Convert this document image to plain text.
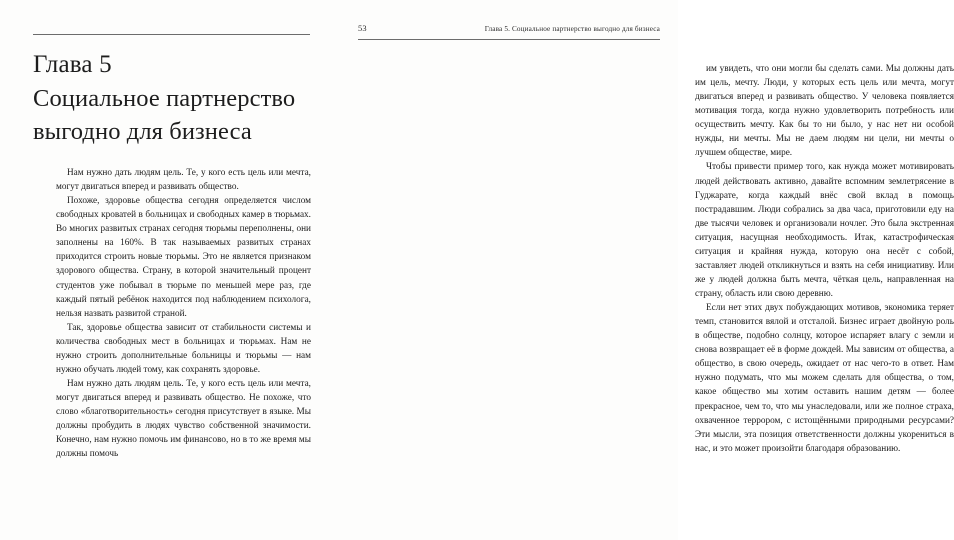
Глава 5
Социальное партнерство
выгодно для бизнеса

Нам нужно дать людям цель. Те, у кого есть цель или мечта, могут двигаться вперед и развивать общество.

Похоже, здоровье общества сегодня определяется числом свободных кроватей в больницах и свободных камер в тюрьмах. Во многих развитых странах сегодня тюрьмы переполнены, они заполнены на 160%. В так называемых развитых странах приходится строить новые тюрьмы. Это не является признаком здорового общества. Страну, в которой значительный процент студентов уже побывал в тюрьме по меньшей мере раз, где каждый пятый ребёнок находится под наблюдением психолога, нельзя назвать развитой страной.

Так, здоровье общества зависит от стабильности системы и количества свободных мест в больницах и тюрьмах. Нам не нужно строить дополнительные больницы и тюрьмы — нам нужно обучать людей тому, как сохранять здоровье.

Нам нужно дать людям цель. Те, у кого есть цель или мечта, могут двигаться вперед и развивать общество. Не похоже, что слово «благотворительность» сегодня присутствует в языке. Мы должны пробудить в людях чувство собственной значимости. Конечно, нам нужно помочь им финансово, но в то же время мы должны помочь

53	Глава 5. Социальное партнерство выгодно для бизнеса

им увидеть, что они могли бы сделать сами. Мы должны дать им цель, мечту. Люди, у которых есть цель или мечта, могут двигаться вперед и развивать общество. У человека появляется мотивация тогда, когда нужно удовлетворить потребность или осуществить мечту. Как бы то ни было, у нас нет ни особой нужды, ни мечты. Мы не даем людям ни цели, ни мечты о лучшем обществе, мире.

Чтобы привести пример того, как нужда может мотивировать людей действовать активно, давайте вспомним землетрясение в Гуджарате, когда каждый внёс свой вклад в помощь пострадавшим. Люди собрались за два часа, приготовили еду на две тысячи человек и организовали ночлег. Это была экстренная ситуация, насущная необходимость. Итак, катастрофическая ситуация и крайняя нужда, которую она несёт с собой, заставляет людей откликнуться и взять на себя инициативу. Или же у людей должна быть мечта, чёткая цель, направленная на страну, область или свою деревню.

Если нет этих двух побуждающих мотивов, экономика теряет темп, становится вялой и отсталой. Бизнес играет двойную роль в обществе, подобно солнцу, которое испаряет влагу с земли и снова возвращает её в форме дождей. Мы зависим от общества, а общество, в свою очередь, ожидает от нас чего-то в ответ. Нам нужно подумать, что мы можем сделать для общества, о том, какое общество мы хотим оставить нашим детям — более прекрасное, чем то, что мы унаследовали, или же полное страха, охваченное террором, с истощёнными природными ресурсами? Эти мысли, эта позиция ответственности должны укорениться в нас, и это может произойти благодаря образованию.
